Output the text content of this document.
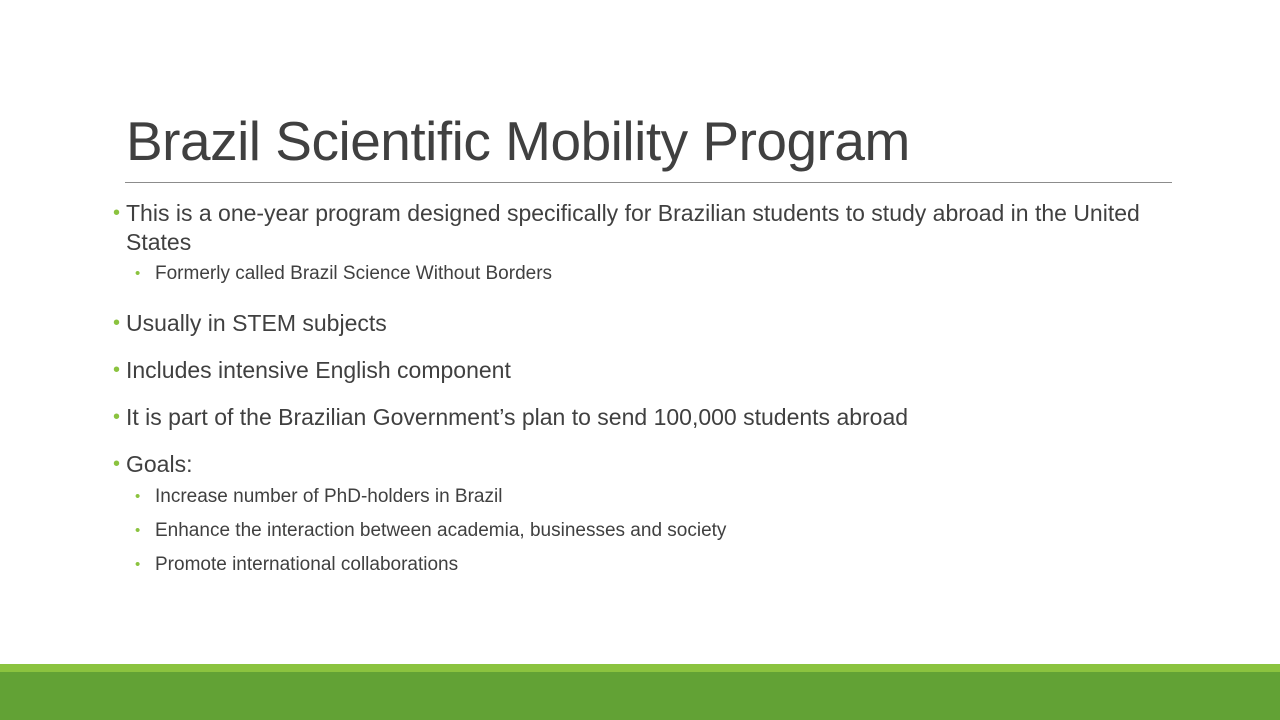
Brazil Scientific Mobility Program
• This is a one-year program designed specifically for Brazilian students to study abroad in the United States
• Formerly called Brazil Science Without Borders
• Usually in STEM subjects
• Includes intensive English component
• It is part of the Brazilian Government’s plan to send 100,000 students abroad
• Goals:
• Increase number of PhD-holders in Brazil
• Enhance the interaction between academia, businesses and society
• Promote international collaborations
